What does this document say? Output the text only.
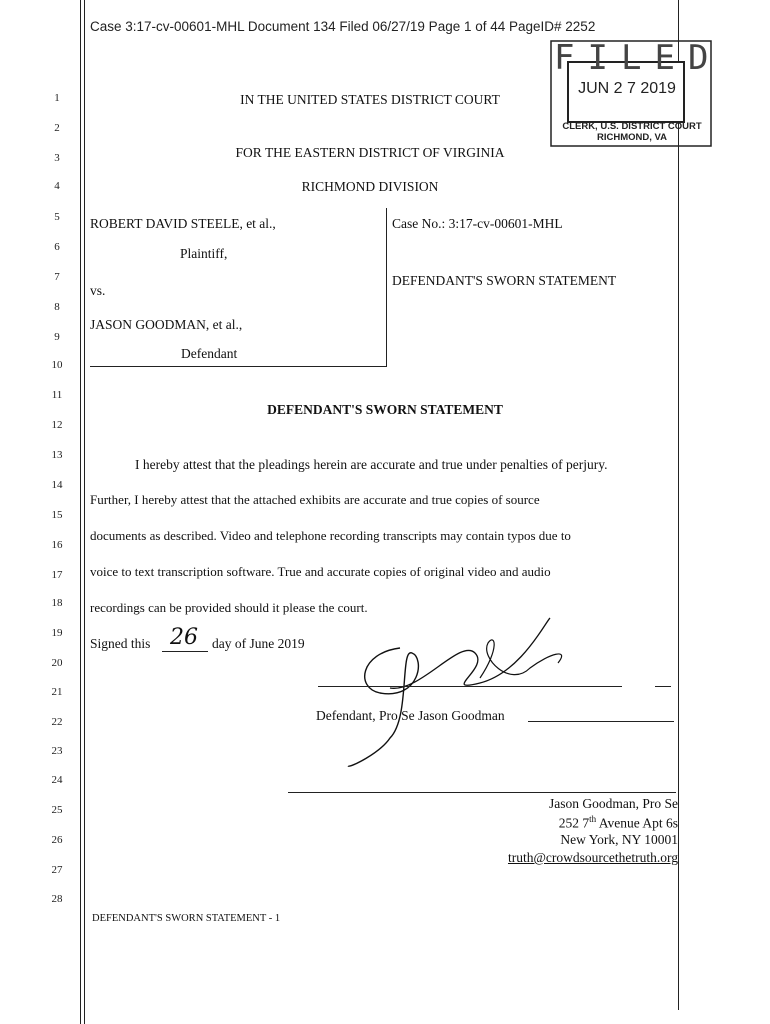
Case 3:17-cv-00601-MHL Document 134 Filed 06/27/19 Page 1 of 44 PageID# 2252
FILED
JUN 2 7 2019
CLERK, U.S. DISTRICT COURT
RICHMOND, VA
1
2
3
4
5
6
7
8
9
10
11
12
13
14
15
16
17
18
19
20
21
22
23
24
25
26
27
28
IN THE UNITED STATES DISTRICT COURT
FOR THE EASTERN DISTRICT OF VIRGINIA
RICHMOND DIVISION
ROBERT DAVID STEELE, et al.,
Plaintiff,
vs.
JASON GOODMAN, et al.,
Defendant
Case No.: 3:17-cv-00601-MHL
DEFENDANT'S SWORN STATEMENT
DEFENDANT'S SWORN STATEMENT
I hereby attest that the pleadings herein are accurate and true under penalties of perjury.
Further, I hereby attest that the attached exhibits are accurate and true copies of source
documents as described. Video and telephone recording transcripts may contain typos due to
voice to text transcription software. True and accurate copies of original video and audio
recordings can be provided should it please the court.
Signed this 26 day of June 2019
Defendant, Pro Se Jason Goodman
Jason Goodman, Pro Se
252 7th Avenue Apt 6s
New York, NY 10001
truth@crowdsourcethetruth.org
DEFENDANT'S SWORN STATEMENT - 1
